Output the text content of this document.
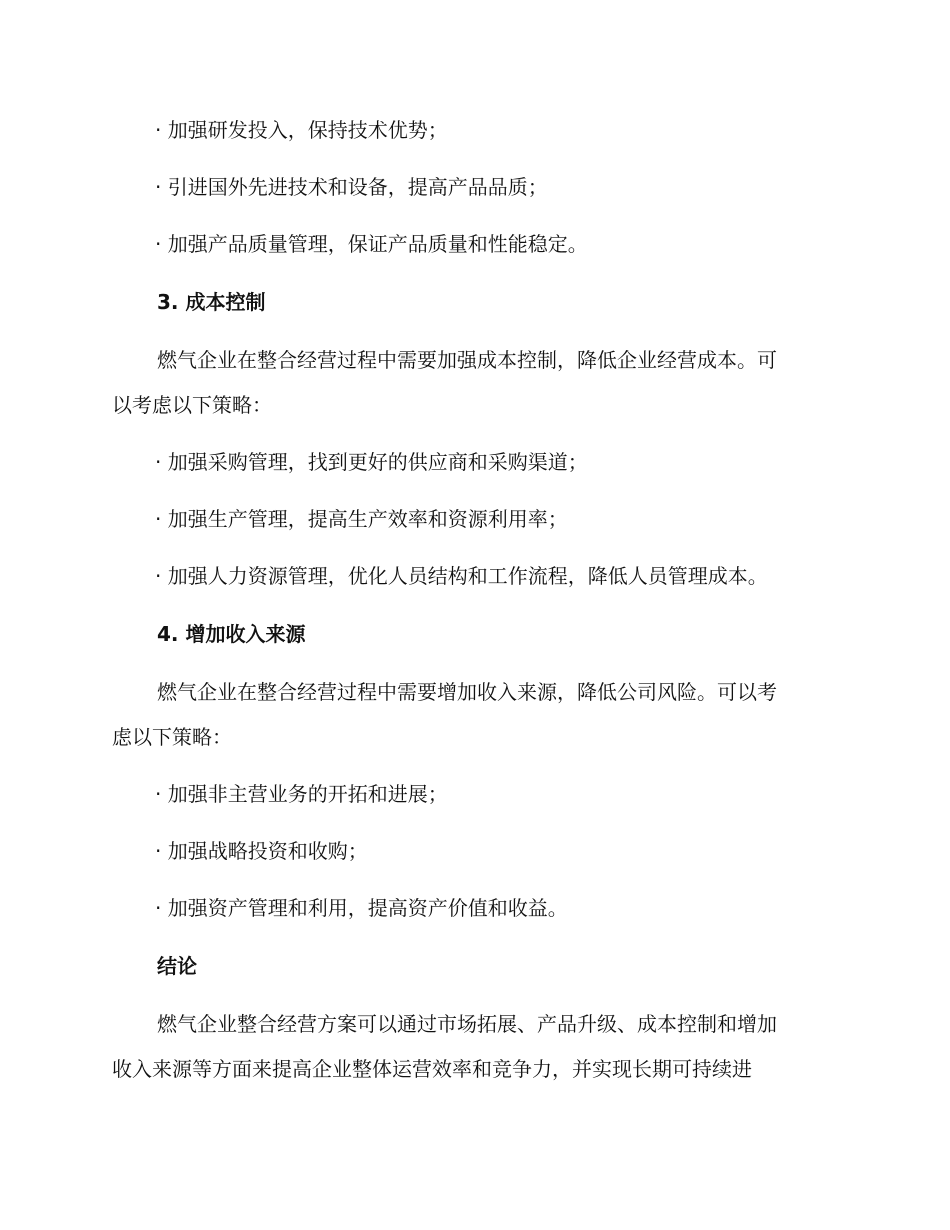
· 加强研发投入，保持技术优势；
· 引进国外先进技术和设备，提高产品品质；
· 加强产品质量管理，保证产品质量和性能稳定。
3. 成本控制
燃气企业在整合经营过程中需要加强成本控制，降低企业经营成本。可
以考虑以下策略：
· 加强采购管理，找到更好的供应商和采购渠道；
· 加强生产管理，提高生产效率和资源利用率；
· 加强人力资源管理，优化人员结构和工作流程，降低人员管理成本。
4. 增加收入来源
燃气企业在整合经营过程中需要增加收入来源，降低公司风险。可以考
虑以下策略：
· 加强非主营业务的开拓和进展；
· 加强战略投资和收购；
· 加强资产管理和利用，提高资产价值和收益。
结论
燃气企业整合经营方案可以通过市场拓展、产品升级、成本控制和增加
收入来源等方面来提高企业整体运营效率和竞争力，并实现长期可持续进
